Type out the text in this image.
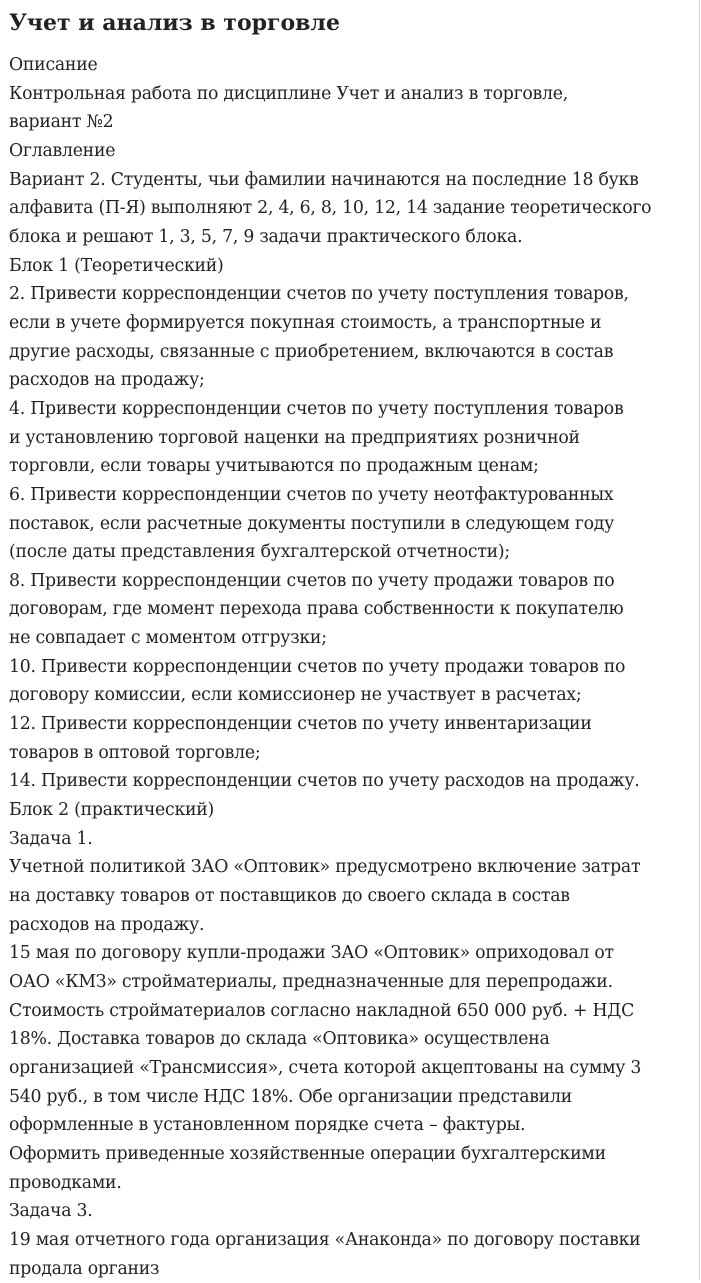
Учет и анализ в торговле
Описание
Контрольная работа по дисциплине Учет и анализ в торговле,
вариант №2
Оглавление
Вариант 2. Студенты, чьи фамилии начинаются на последние 18 букв
алфавита (П-Я) выполняют 2, 4, 6, 8, 10, 12, 14 задание теоретического
блока и решают 1, 3, 5, 7, 9 задачи практического блока.
Блок 1 (Теоретический)
2. Привести корреспонденции счетов по учету поступления товаров,
если в учете формируется покупная стоимость, а транспортные и
другие расходы, связанные с приобретением, включаются в состав
расходов на продажу;
4. Привести корреспонденции счетов по учету поступления товаров
и установлению торговой наценки на предприятиях розничной
торговли, если товары учитываются по продажным ценам;
6. Привести корреспонденции счетов по учету неотфактурованных
поставок, если расчетные документы поступили в следующем году
(после даты представления бухгалтерской отчетности);
8. Привести корреспонденции счетов по учету продажи товаров по
договорам, где момент перехода права собственности к покупателю
не совпадает с моментом отгрузки;
10. Привести корреспонденции счетов по учету продажи товаров по
договору комиссии, если комиссионер не участвует в расчетах;
12. Привести корреспонденции счетов по учету инвентаризации
товаров в оптовой торговле;
14. Привести корреспонденции счетов по учету расходов на продажу.
Блок 2 (практический)
Задача 1.
Учетной политикой ЗАО «Оптовик» предусмотрено включение затрат
на доставку товаров от поставщиков до своего склада в состав
расходов на продажу.
15 мая по договору купли-продажи ЗАО «Оптовик» оприходовал от
ОАО «КМЗ» стройматериалы, предназначенные для перепродажи.
Стоимость стройматериалов согласно накладной 650 000 руб. + НДС
18%. Доставка товаров до склада «Оптовика» осуществлена
организацией «Трансмиссия», счета которой акцептованы на сумму 3
540 руб., в том числе НДС 18%. Обе организации представили
оформленные в установленном порядке счета – фактуры.
Оформить приведенные хозяйственные операции бухгалтерскими
проводками.
Задача 3.
19 мая отчетного года организация «Анаконда» по договору поставки
продала организ
